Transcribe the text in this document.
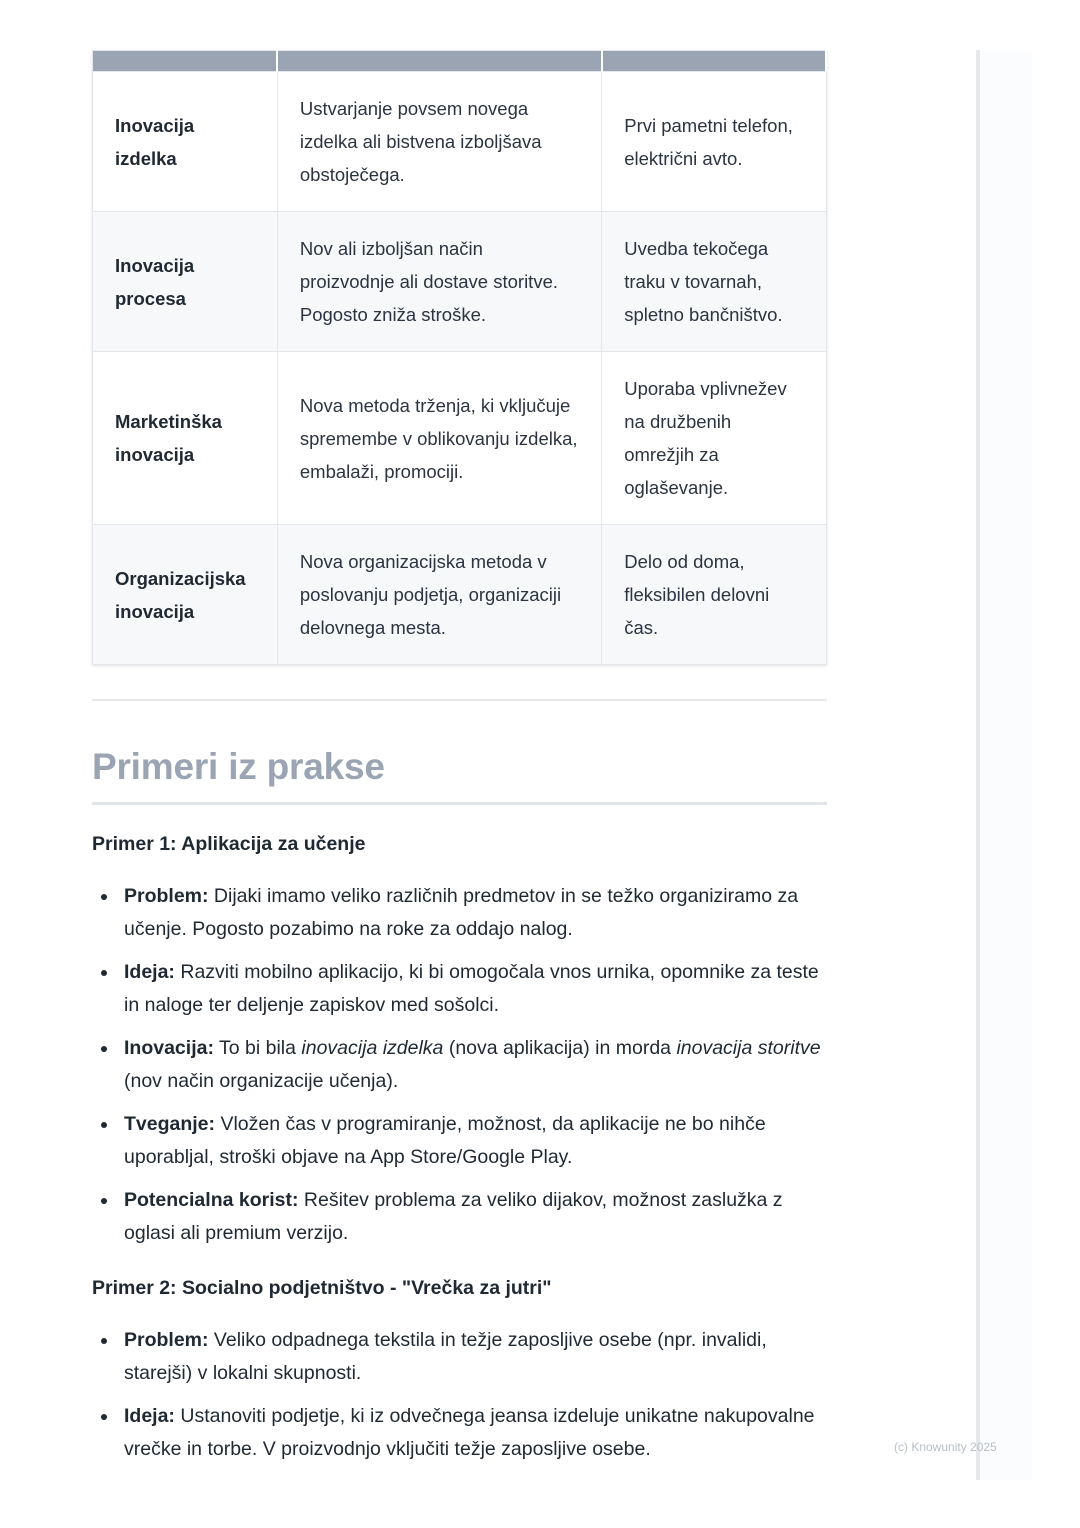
Inovacija izdelka	Ustvarjanje povsem novega izdelka ali bistvena izboljšava obstoječega.	Prvi pametni telefon, električni avto.
Inovacija procesa	Nov ali izboljšan način proizvodnje ali dostave storitve. Pogosto zniža stroške.	Uvedba tekočega traku v tovarnah, spletno bančništvo.
Marketinška inovacija	Nova metoda trženja, ki vključuje spremembe v oblikovanju izdelka, embalaži, promociji.	Uporaba vplivnežev na družbenih omrežjih za oglaševanje.
Organizacijska inovacija	Nova organizacijska metoda v poslovanju podjetja, organizaciji delovnega mesta.	Delo od doma, fleksibilen delovni čas.
Primeri iz prakse

Primer 1: Aplikacija za učenje

Problem: Dijaki imamo veliko različnih predmetov in se težko organiziramo za učenje. Pogosto pozabimo na roke za oddajo nalog.
Ideja: Razviti mobilno aplikacijo, ki bi omogočala vnos urnika, opomnike za teste in naloge ter deljenje zapiskov med sošolci.
Inovacija: To bi bila inovacija izdelka (nova aplikacija) in morda inovacija storitve (nov način organizacije učenja).
Tveganje: Vložen čas v programiranje, možnost, da aplikacije ne bo nihče uporabljal, stroški objave na App Store/Google Play.
Potencialna korist: Rešitev problema za veliko dijakov, možnost zaslužka z oglasi ali premium verzijo.

Primer 2: Socialno podjetništvo - "Vrečka za jutri"

Problem: Veliko odpadnega tekstila in težje zaposljive osebe (npr. invalidi, starejši) v lokalni skupnosti.
Ideja: Ustanoviti podjetje, ki iz odvečnega jeansa izdeluje unikatne nakupovalne vrečke in torbe. V proizvodnjo vključiti težje zaposljive osebe.	(c) Knowunity 2025
